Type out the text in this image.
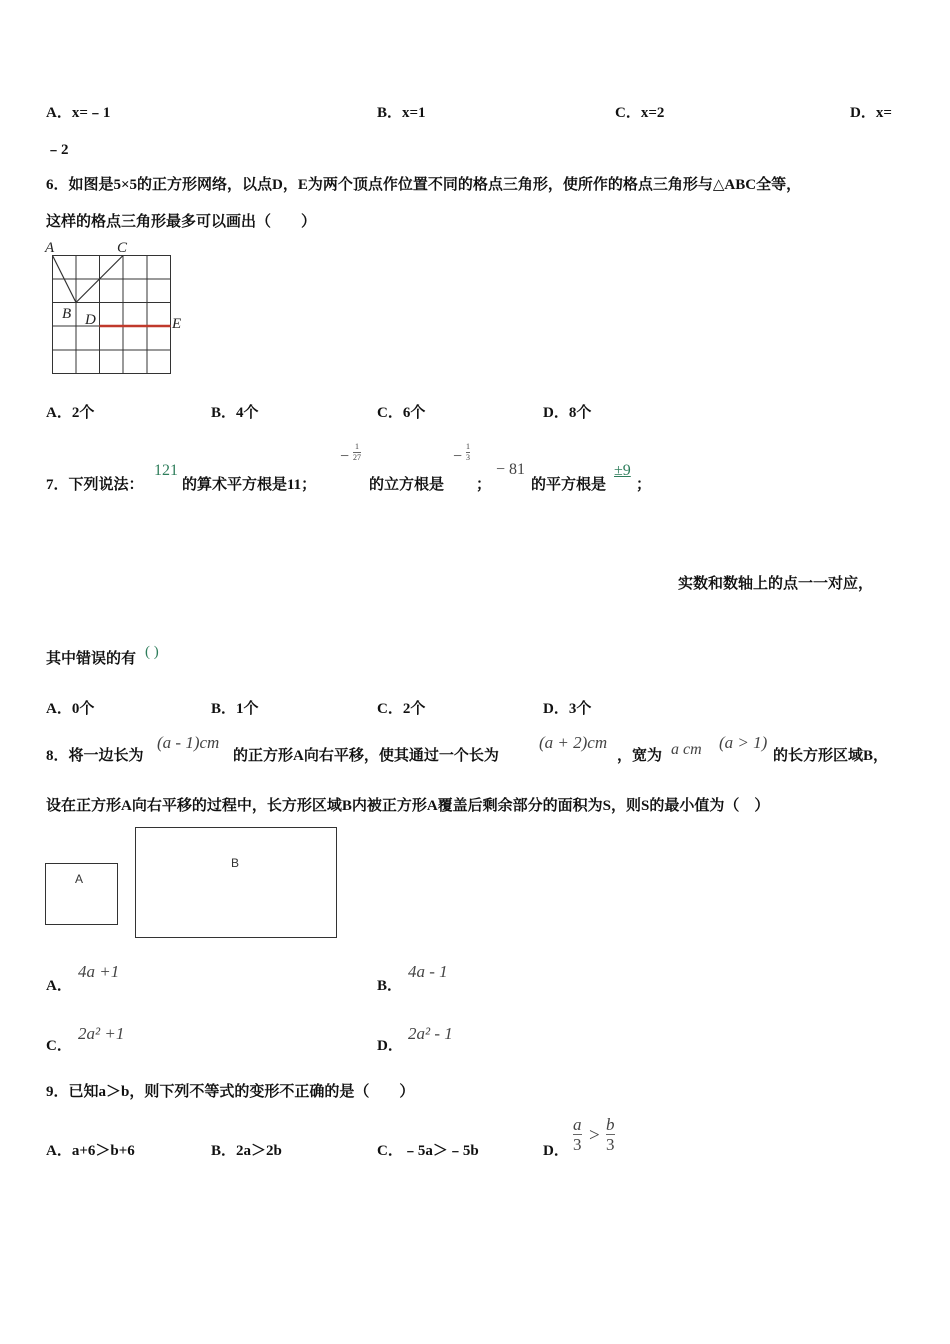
A．x=﹣1	B．x=1	C．x=2	D．x=
﹣2
6．如图是5×5的正方形网络，以点D，E为两个顶点作位置不同的格点三角形，使所作的格点三角形与△ABC全等，
这样的格点三角形最多可以画出（　　）
A	C
B D	E
A．2个	B．4个	C．6个	D．8个
7．下列说法：
121
的算术平方根是11；
−
1
27
的立方根是
−
1
3
；
− 81
的平方根是
±9
；
实数和数轴上的点一一对应，
其中错误的有 ( )
A．0个	B．1个	C．2个	D．3个
8．将一边长为
(a - 1)cm
的正方形A向右平移，使其通过一个长为
(a + 2)cm
，宽为 a cm (a > 1)
的长方形区域B，
设在正方形A向右平移的过程中，长方形区域B内被正方形A覆盖后剩余部分的面积为S，则S的最小值为（　）
A
B
A．
4a +1
B．
4a - 1
C．
2a² +1
D．
2a² - 1
9．已知a＞b，则下列不等式的变形不正确的是（　　）
A．a+6＞b+6	B．2a＞2b	C．﹣5a＞﹣5b	D．
a
3 >
b
3
